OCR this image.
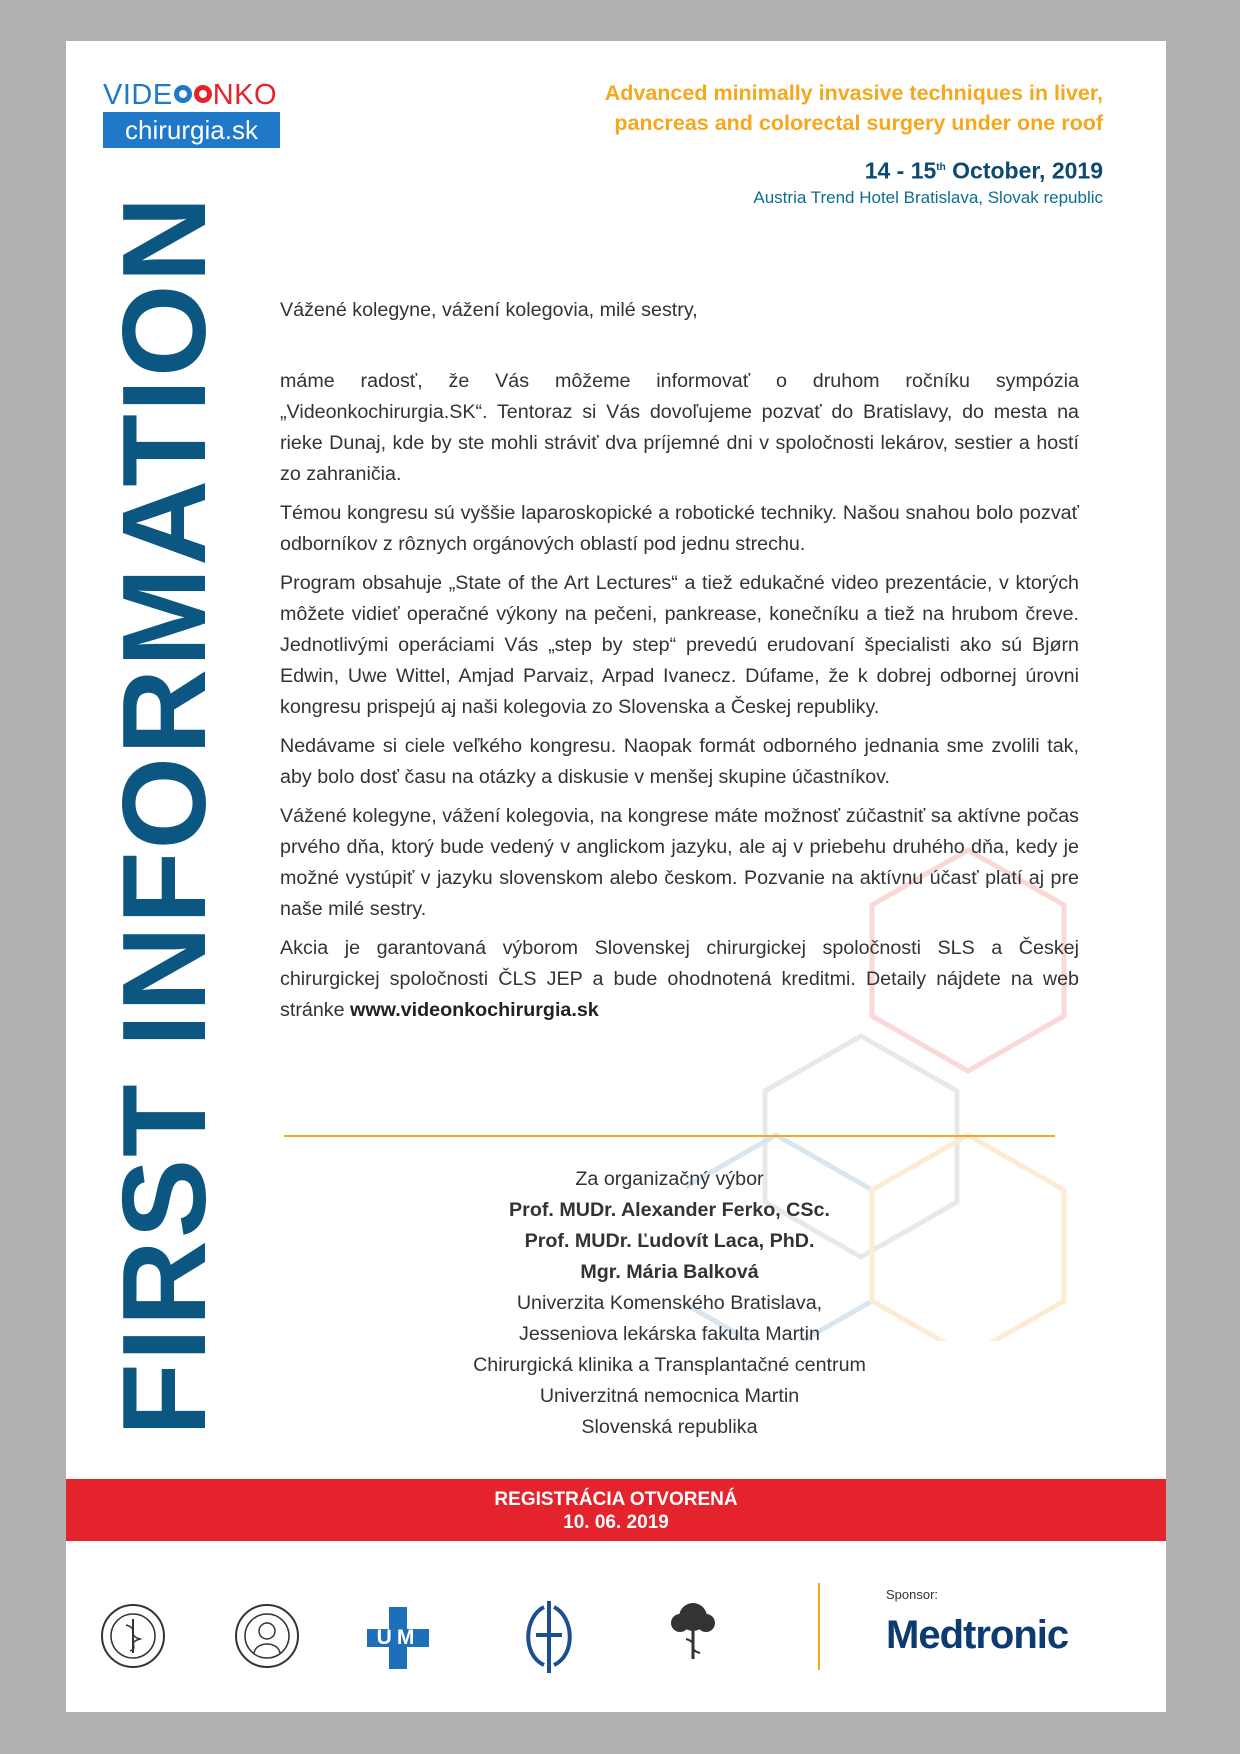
VIDE NKO
chirurgia.sk

Advanced minimally invasive techniques in liver,

pancreas and colorectal surgery under one roof

14 - 15th October, 2019
Austria Trend Hotel Bratislava, Slovak republic
FIRST INFORMATION Vážené kolegyne, vážení kolegovia, milé sestry,

máme radosť, že Vás môžeme informovať o druhom ročníku sympózia „Videonkochirurgia.SK“. Tentoraz si Vás dovoľujeme pozvať do Bratislavy, do mesta na rieke Dunaj, kde by ste mohli stráviť dva príjemné dni v spoločnosti lekárov, sestier a hostí zo zahraničia.

Témou kongresu sú vyššie laparoskopické a robotické techniky. Našou snahou bolo pozvať odborníkov z rôznych orgánových oblastí pod jednu strechu.

Program obsahuje „State of the Art Lectures“ a tiež edukačné video prezentácie, v ktorých môžete vidieť operačné výkony na pečeni, pankrease, konečníku a tiež na hrubom čreve. Jednotlivými operáciami Vás „step by step“ prevedú erudovaní špecialisti ako sú Bjørn Edwin, Uwe Wittel, Amjad Parvaiz, Arpad Ivanecz. Dúfame, že k dobrej odbornej úrovni kongresu prispejú aj naši kolegovia zo Slovenska a Českej republiky.

Nedávame si ciele veľkého kongresu. Naopak formát odborného jednania sme zvolili tak, aby bolo dosť času na otázky a diskusie v menšej skupine účastníkov.

Vážené kolegyne, vážení kolegovia, na kongrese máte možnosť zúčastniť sa aktívne počas prvého dňa, ktorý bude vedený v anglickom jazyku, ale aj v priebehu druhého dňa, kedy je možné vystúpiť v jazyku slovenskom alebo českom. Pozvanie na aktívnu účasť platí aj pre naše milé sestry.

Akcia je garantovaná výborom Slovenskej chirurgickej spoločnosti SLS a Českej chirurgickej spoločnosti ČLS JEP a bude ohodnotená kreditmi. Detaily nájdete na web stránke www.videonkochirurgia.sk

Za organizačný výbor
Prof. MUDr. Alexander Ferko, CSc.
Prof. MUDr. Ľudovít Laca, PhD.
Mgr. Mária Balková
Univerzita Komenského Bratislava,
Jesseniova lekárska fakulta Martin
Chirurgická klinika a Transplantačné centrum
Univerzitná nemocnica Martin
Slovenská republika
REGISTRÁCIA OTVORENÁ
10. 06. 2019
UM
Sponsor:
Medtronic
